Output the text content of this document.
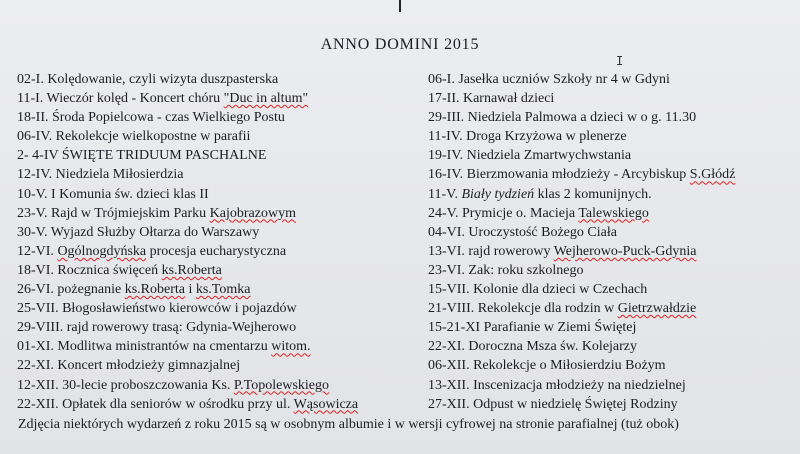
ANNO DOMINI 2015
I
02-I. Kolędowanie, czyli wizyta duszpasterska
11-I. Wieczór kolęd - Koncert chóru "Duc in altum"
18-II. Środa Popielcowa - czas Wielkiego Postu
06-IV. Rekolekcje wielkopostne w parafii
2- 4-IV ŚWIĘTE TRIDUUM PASCHALNE
12-IV. Niedziela Miłosierdzia
10-V. I Komunia św. dzieci klas II
23-V. Rajd w Trójmiejskim Parku Kajobrazowym
30-V. Wyjazd Służby Ołtarza do Warszawy
12-VI. Ogólnogdyńska procesja eucharystyczna
18-VI. Rocznica święceń ks.Roberta
26-VI. pożegnanie ks.Roberta i ks.Tomka
25-VII. Błogosławieństwo kierowców i pojazdów
29-VIII. rajd rowerowy trasą: Gdynia-Wejherowo
01-XI. Modlitwa ministrantów na cmentarzu witom.
22-XI. Koncert młodzieży gimnazjalnej
12-XII. 30-lecie proboszczowania Ks. P.Topolewskiego
22-XII. Opłatek dla seniorów w ośrodku przy ul. Wąsowicza
06-I. Jasełka uczniów Szkoły nr 4 w Gdyni
17-II. Karnawał dzieci
29-III. Niedziela Palmowa a dzieci w o g. 11.30
11-IV. Droga Krzyżowa w plenerze
19-IV. Niedziela Zmartwychwstania
16-IV. Bierzmowania młodzieży - Arcybiskup S.Głódź
11-V. Biały tydzień klas 2 komunijnych.
24-V. Prymicje o. Macieja Talewskiego
04-VI. Uroczystość Bożego Ciała
13-VI. rajd rowerowy Wejherowo-Puck-Gdynia
23-VI. Zak: roku szkolnego
15-VII. Kolonie dla dzieci w Czechach
21-VIII. Rekolekcje dla rodzin w Gietrzwałdzie
15-21-XI Parafianie w Ziemi Świętej
22-XI. Doroczna Msza św. Kolejarzy
06-XII. Rekolekcje o Miłosierdziu Bożym
13-XII. Inscenizacja młodzieży na niedzielnej
27-XII. Odpust w niedzielę Świętej Rodziny
Zdjęcia niektórych wydarzeń z roku 2015 są w osobnym albumie i w wersji cyfrowej na stronie parafialnej (tuż obok)
